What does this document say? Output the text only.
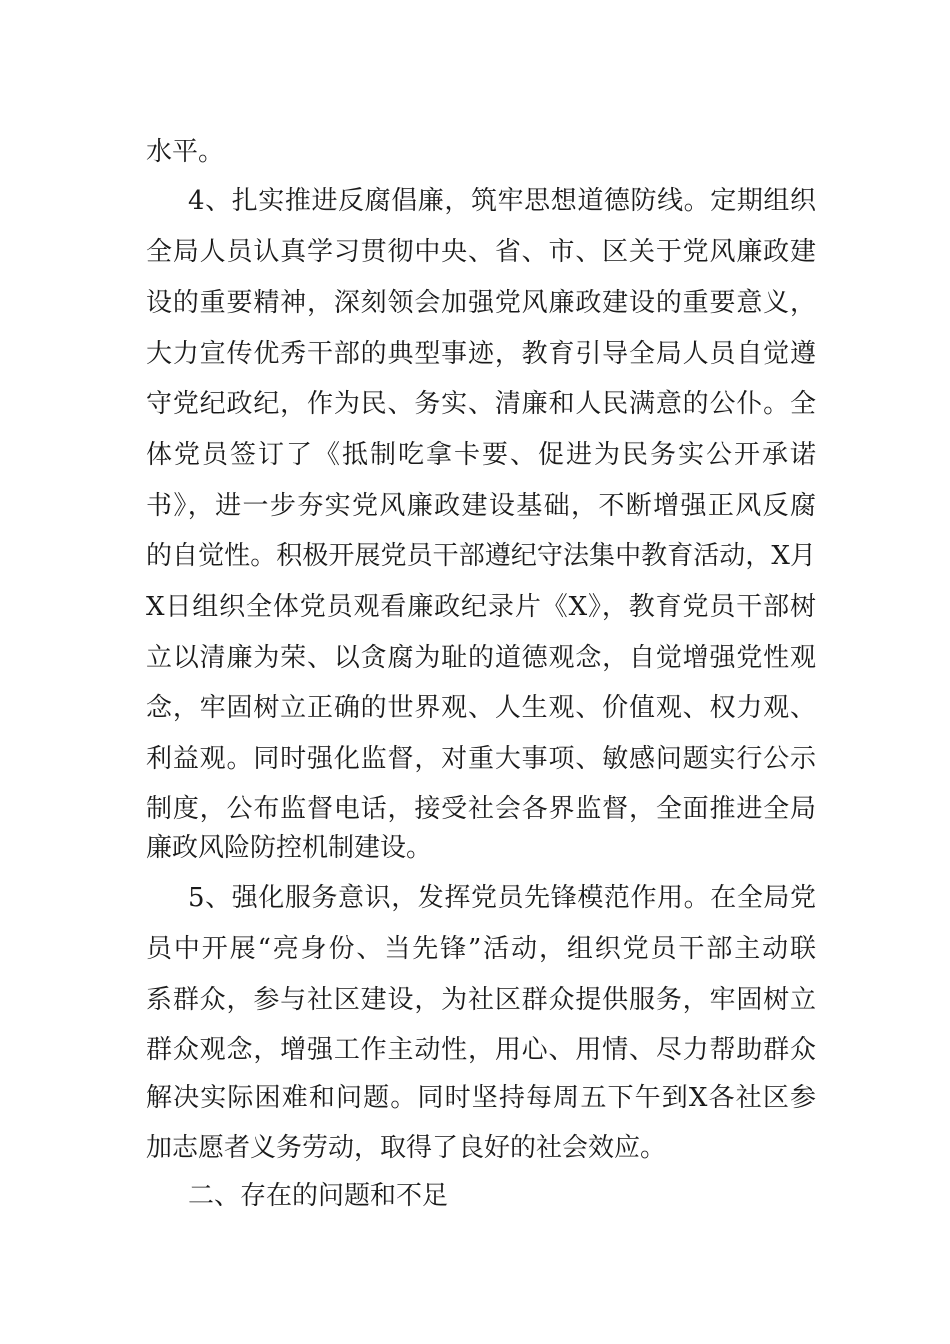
水平。
4、扎实推进反腐倡廉，筑牢思想道德防线。定期组织
全局人员认真学习贯彻中央、省、市、区关于党风廉政建
设的重要精神，深刻领会加强党风廉政建设的重要意义，
大力宣传优秀干部的典型事迹，教育引导全局人员自觉遵
守党纪政纪，作为民、务实、清廉和人民满意的公仆。全
体党员签订了《抵制吃拿卡要、促进为民务实公开承诺
书》，进一步夯实党风廉政建设基础，不断增强正风反腐
的自觉性。积极开展党员干部遵纪守法集中教育活动，X月
X日组织全体党员观看廉政纪录片《X》，教育党员干部树
立以清廉为荣、以贪腐为耻的道德观念，自觉增强党性观
念，牢固树立正确的世界观、人生观、价值观、权力观、
利益观。同时强化监督，对重大事项、敏感问题实行公示
制度，公布监督电话，接受社会各界监督，全面推进全局
廉政风险防控机制建设。
5、强化服务意识，发挥党员先锋模范作用。在全局党
员中开展“亮身份、当先锋”活动，组织党员干部主动联
系群众，参与社区建设，为社区群众提供服务，牢固树立
群众观念，增强工作主动性，用心、用情、尽力帮助群众
解决实际困难和问题。同时坚持每周五下午到X各社区参
加志愿者义务劳动，取得了良好的社会效应。
二、存在的问题和不足
